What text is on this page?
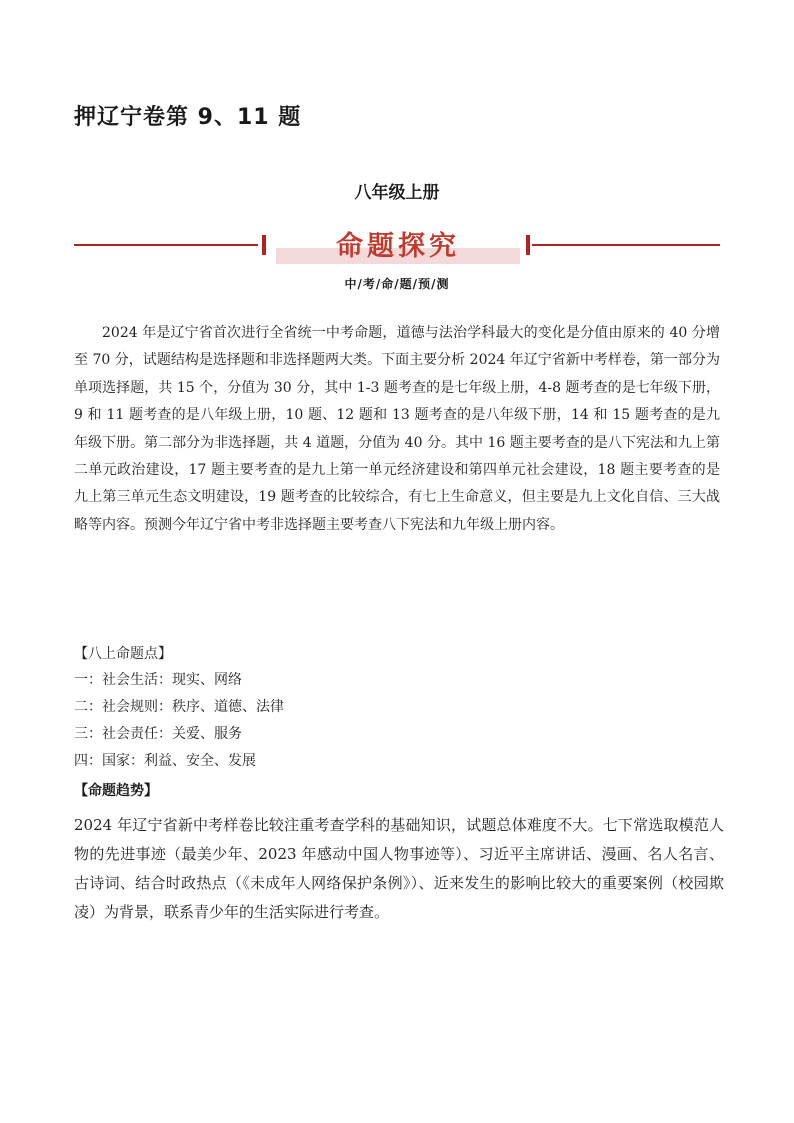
押辽宁卷第 9、11 题
八年级上册
命题探究
中/考/命/题/预/测
2024 年是辽宁省首次进行全省统一中考命题，道德与法治学科最大的变化是分值由原来的 40 分增至 70 分，试题结构是选择题和非选择题两大类。下面主要分析 2024 年辽宁省新中考样卷，第一部分为单项选择题，共 15 个，分值为 30 分，其中 1-3 题考查的是七年级上册，4-8 题考查的是七年级下册，9 和 11 题考查的是八年级上册，10 题、12 题和 13 题考查的是八年级下册，14 和 15 题考查的是九年级下册。第二部分为非选择题，共 4 道题，分值为 40 分。其中 16 题主要考查的是八下宪法和九上第二单元政治建设，17 题主要考查的是九上第一单元经济建设和第四单元社会建设，18 题主要考查的是九上第三单元生态文明建设，19 题考查的比较综合，有七上生命意义，但主要是九上文化自信、三大战略等内容。预测今年辽宁省中考非选择题主要考查八下宪法和九年级上册内容。
【八上命题点】
一：社会生活：现实、网络
二：社会规则：秩序、道德、法律
三：社会责任：关爱、服务
四：国家：利益、安全、发展
【命题趋势】
2024 年辽宁省新中考样卷比较注重考查学科的基础知识，试题总体难度不大。七下常选取模范人物的先进事迹（最美少年、2023 年感动中国人物事迹等）、习近平主席讲话、漫画、名人名言、古诗词、结合时政热点（《未成年人网络保护条例》）、近来发生的影响比较大的重要案例（校园欺凌）为背景，联系青少年的生活实际进行考查。
